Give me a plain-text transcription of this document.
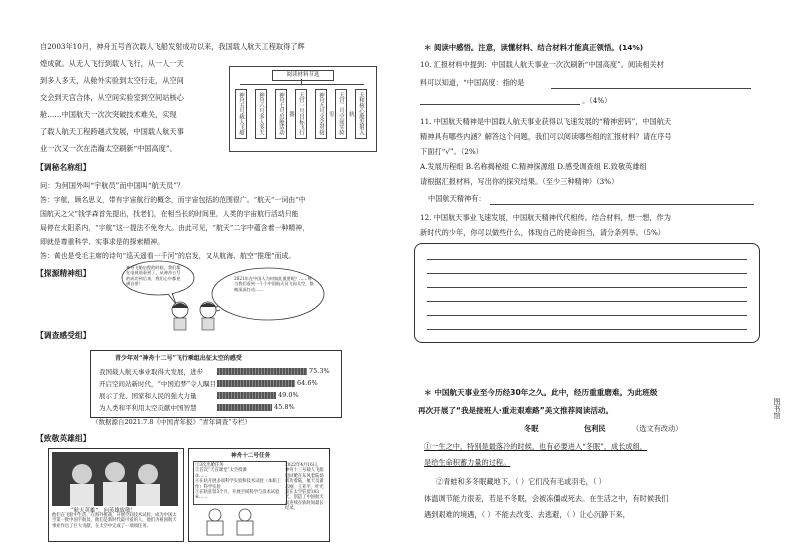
自2003年10月，神舟五号首次载人飞船发射成功以来，我国载人航天工程取得了辉
煌成就。从无人飞行到载人飞行，从一人一天
到多人多天，从舱外实验到太空行走，从空间
交会到天宫合体，从空间实验室到空间站核心
舱……中国航天一次次突破技术难关，实现
了载人航天工程跨越式发展，中国载人航天事
业一次又一次在浩瀚太空刷新“中国高度”。
阅读材料节选
神舟五号载人飞船	神舟六号多人多天	神舟七号出舱活动	天宫一号目标飞行器	神舟九号交会对接	天宫二号空间实验室	天和核心舱发射入轨
【调秘名称组】
问：为何国外叫“宇航员”而中国叫“航天员”？
答：宇航，顾名思义，带有宇宙航行的概念，而宇宙包括的范围很广。“航天”一词由“中
国航天之父”钱学森首先提出，找老们，在相当长的时间里，人类的宇宙航行活动只能
局停在太阳系内，“宇航”这一提法不免夸大。由此可见，“航天”二字中蕴含着一种精神，
即就是尊重科学、实事求是的探索精神。
答：黄也是受毛主席的诗句“巡天遥看一千河”的启发，又从航海、航空“推理”而成。
【探源精神组】
神舟飞船启程的时候，我们都在电视前看到了，从神舟五号的成功到后来，我们心中都充满自豪！
2021年在中国人为何如此重要呢？……每当我们看到一个个中国航天员飞向太空，都被深深打动……
【调查感受组】
青少年对“神舟十二号”飞行乘组出征太空的感受
我国载人航天事业取得大发展，进步	75.3%
开启空间站新时代，“中国追梦”令人瞩目	64.6%
展示了党、国家和人民的强大力量	49.0%
为人类和平利用太空贡献中国智慧	45.8%
（数据源自2021.7.8《中国青年报》“青年调查”专栏）
【致敬英雄组】
“航天英雄”，向英雄致敬！
他们在飞船中生活，在海外挑战，开展空间技术试验，成为中国太空第一批中国宇航员，他们是新时代最可爱的人，他们为祖国航天事业作出了巨大贡献，在太空中完成了一项项任务。
神舟十二号任务
①3次出舱任务
②首次“天宫课堂”太空授课
③……
④在轨开展多项科学实验和技术试验（本职工作）科学实验
⑤在轨驻留3个月，开展空间科学与技术试验
⑥……
2022年4月16日，神舟十三号载人飞船返回舱在东风着陆场成功着陆，航天员翟志刚、王亚平、叶光富在太空驻留183天，创造了中国航天员连续在轨时间最长纪录。
＊ 阅读中感悟。注意，读懂材料、结合材料才能真正领悟。(14%)
10. 汇报材料中提到：中国载人航天事业一次次刷新“中国高度”。阅读相关材
料可以知道，“中国高度：指的是
。（4%）
11. 中国航天精神是中国载人航天事业获得以飞速发展的“精神密码”，中国航天
精神具有哪些内涵？解答这个问题，我们可以阅读哪些组的汇报材料？请在序号
下面打“√”。（2%）
A.发展历程组 B.名称揭秘组 C.精神探源组 D.感受调查组 E.致敬英雄组
请根据汇报材料，写出你的探究结果。（至少三种精神）（3%）
中国航天精神有：
12. 中国航天事业飞速发展，中国航天精神代代相传。结合材料，想一想，作为
新时代的少年，你可以做些什么，体现自己的使命担当，请分条列举。（5%）
＊ 中国航天事业至今历经30年之久。此中，经历重重磨难。为此班级
再次开展了“我是接班人·重走艰难路”美文推荐阅读活动。
冬眠	包利民	（选文有改动）
①一生之中，特别是最落冷的时候，也有必要进入“冬眠”，成长成组，
是给生命积蓄力量的过程。
②青蛙和多冬眠藏地下，（ ）它们没有毛或羽毛，（ ）
体温调节能力很差，若是不冬眠，会被冻僵或死去。在生活之中，有时候我们
遇到艰难的境遇，（ ）不能去改变、去逃避，（ ）让心沉静下来，
图书馆
